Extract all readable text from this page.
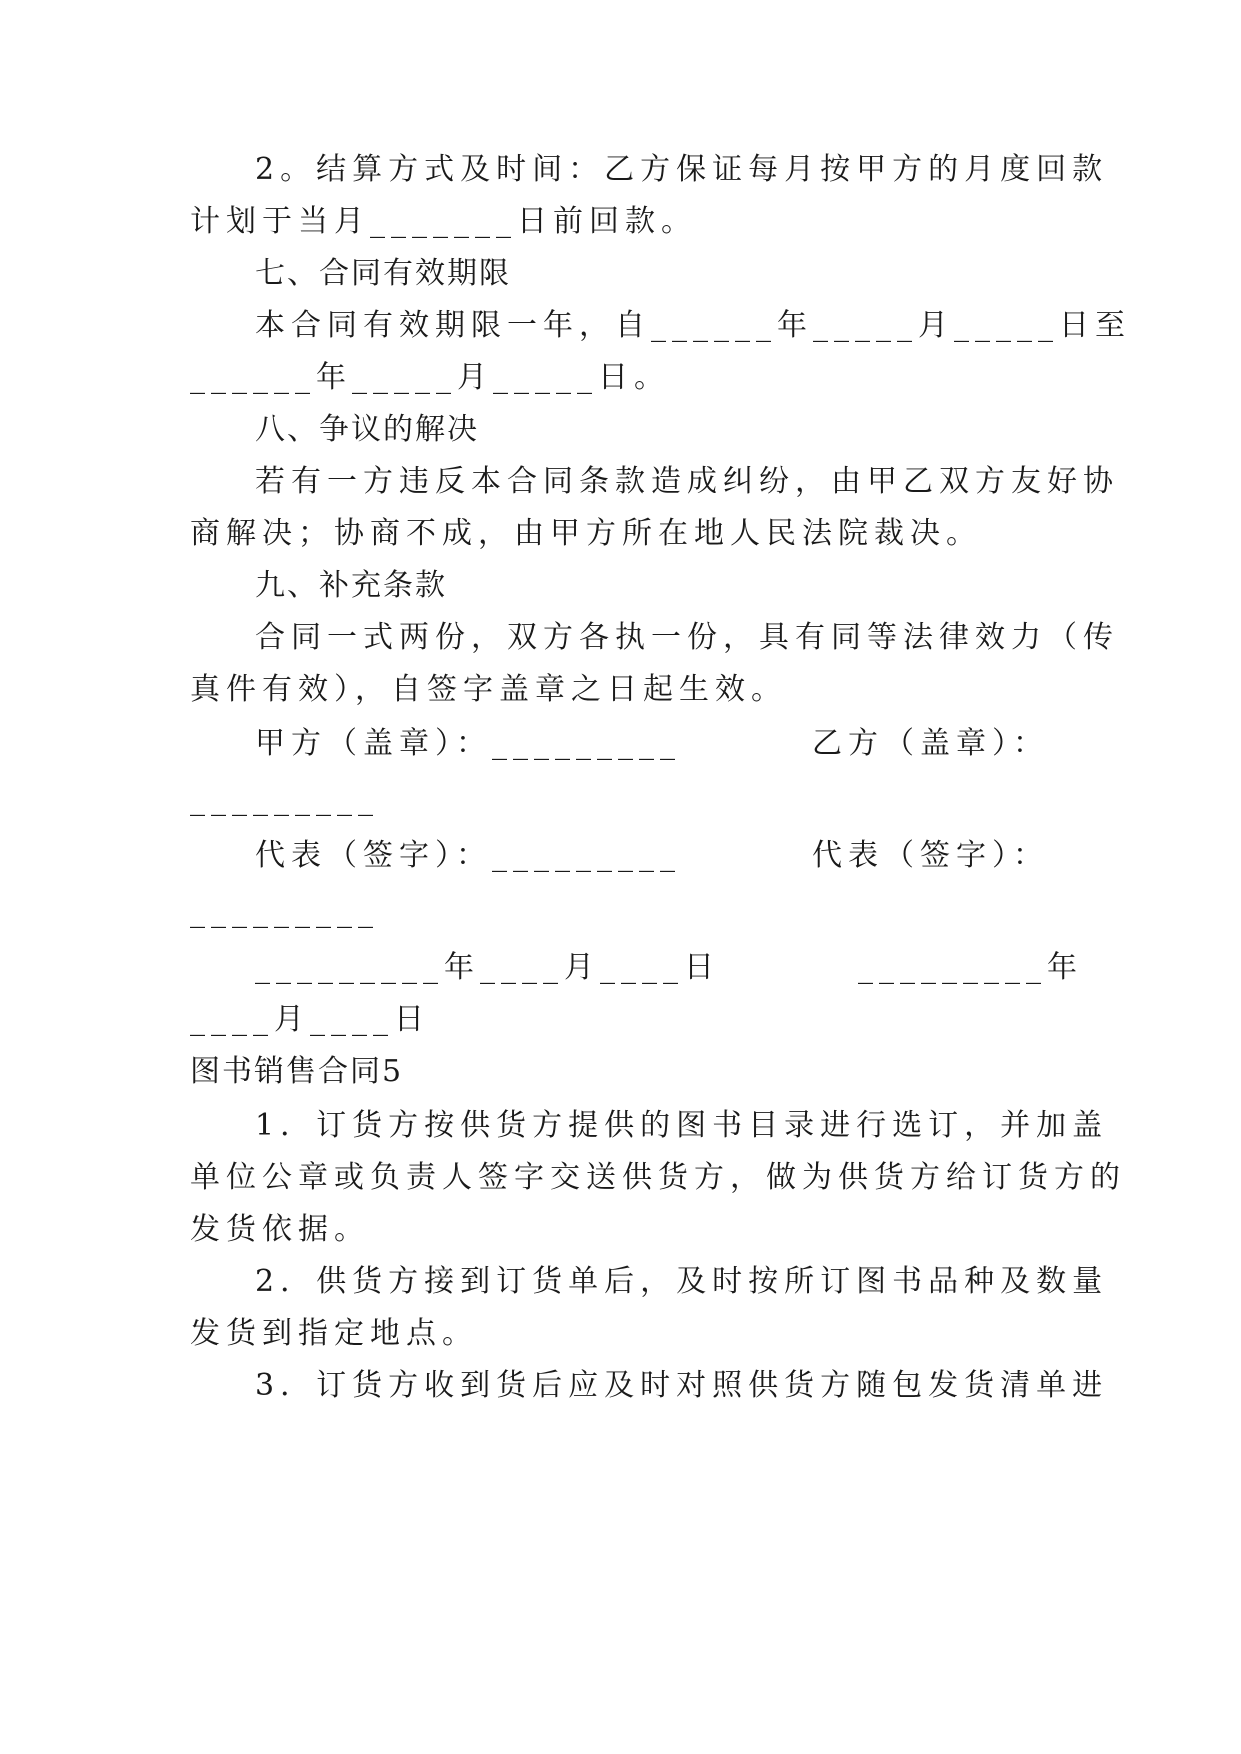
2。结算方式及时间：乙方保证每月按甲方的月度回款
计划于当月_______日前回款。
七、合同有效期限
本合同有效期限一年，自______年_____月_____日至
______年_____月_____日。
八、争议的解决
若有一方违反本合同条款造成纠纷，由甲乙双方友好协
商解决；协商不成，由甲方所在地人民法院裁决。
九、补充条款
合同一式两份，双方各执一份，具有同等法律效力（传
真件有效），自签字盖章之日起生效。
甲方（盖章）：_________	乙方（盖章）：
_________
代表（签字）：_________	代表（签字）：
_________
_________年____月____日	_________年
____月____日
图书销售合同5
1．订货方按供货方提供的图书目录进行选订，并加盖
单位公章或负责人签字交送供货方，做为供货方给订货方的
发货依据。
2．供货方接到订货单后，及时按所订图书品种及数量
发货到指定地点。
3．订货方收到货后应及时对照供货方随包发货清单进
